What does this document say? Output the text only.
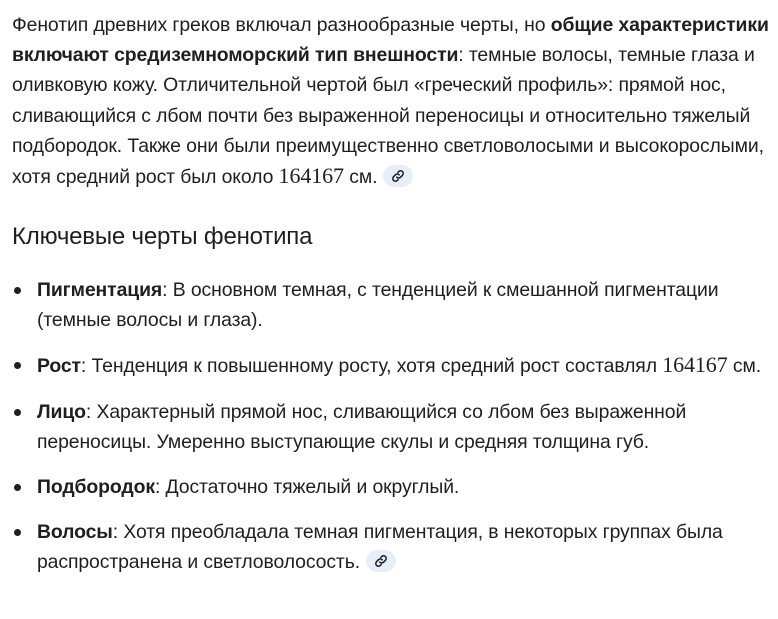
Фенотип древних греков включал разнообразные черты, но общие характеристики включают средиземноморский тип внешности: темные волосы, темные глаза и оливковую кожу. Отличительной чертой был «греческий профиль»: прямой нос, сливающийся с лбом почти без выраженной переносицы и относительно тяжелый подбородок. Также они были преимущественно светловолосыми и высокорослыми, хотя средний рост был около 164167 см.

Ключевые черты фенотипа
Пигментация: В основном темная, с тенденцией к смешанной пигментации (темные волосы и глаза).
Рост: Тенденция к повышенному росту, хотя средний рост составлял 164167 см.
Лицо: Характерный прямой нос, сливающийся со лбом без выраженной переносицы. Умеренно выступающие скулы и средняя толщина губ.
Подбородок: Достаточно тяжелый и округлый.
Волосы: Хотя преобладала темная пигментация, в некоторых группах была распространена и светловолосость.
